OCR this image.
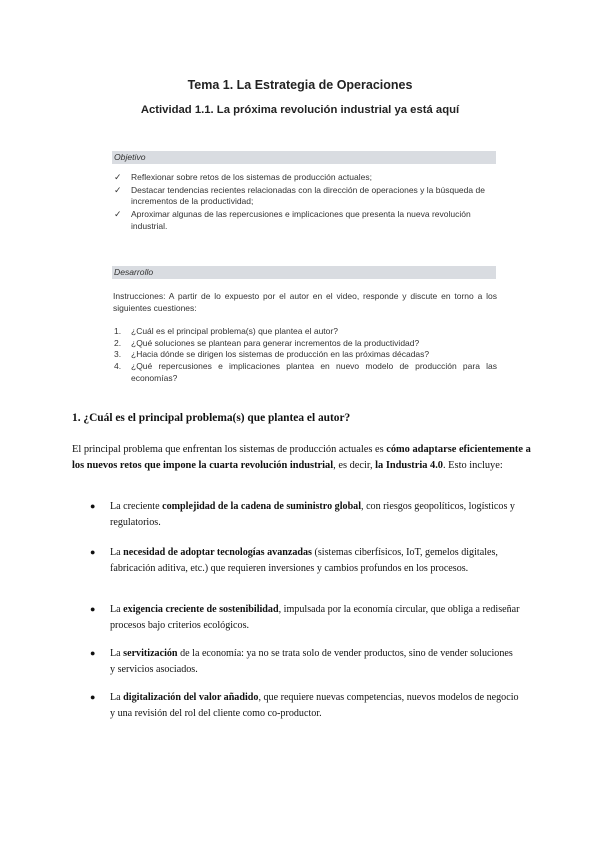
Tema 1. La Estrategia de Operaciones
Actividad 1.1. La próxima revolución industrial ya está aquí
Objetivo
✓ Reflexionar sobre retos de los sistemas de producción actuales;
✓ Destacar tendencias recientes relacionadas con la dirección de operaciones y la búsqueda de incrementos de la productividad;
✓ Aproximar algunas de las repercusiones e implicaciones que presenta la nueva revolución industrial.
Desarrollo
Instrucciones: A partir de lo expuesto por el autor en el video, responde y discute en torno a los siguientes cuestiones:
1. ¿Cuál es el principal problema(s) que plantea el autor?
2. ¿Qué soluciones se plantean para generar incrementos de la productividad?
3. ¿Hacia dónde se dirigen los sistemas de producción en las próximas décadas?
4. ¿Qué repercusiones e implicaciones plantea en nuevo modelo de producción para las economías?
1. ¿Cuál es el principal problema(s) que plantea el autor?
El principal problema que enfrentan los sistemas de producción actuales es cómo adaptarse eficientemente a los nuevos retos que impone la cuarta revolución industrial, es decir, la Industria 4.0. Esto incluye:
● La creciente complejidad de la cadena de suministro global, con riesgos geopolíticos, logísticos y regulatorios.
● La necesidad de adoptar tecnologías avanzadas (sistemas ciberfísicos, IoT, gemelos digitales, fabricación aditiva, etc.) que requieren inversiones y cambios profundos en los procesos.
● La exigencia creciente de sostenibilidad, impulsada por la economía circular, que obliga a rediseñar procesos bajo criterios ecológicos.
● La servitización de la economía: ya no se trata solo de vender productos, sino de vender soluciones y servicios asociados.
● La digitalización del valor añadido, que requiere nuevas competencias, nuevos modelos de negocio y una revisión del rol del cliente como co-productor.
